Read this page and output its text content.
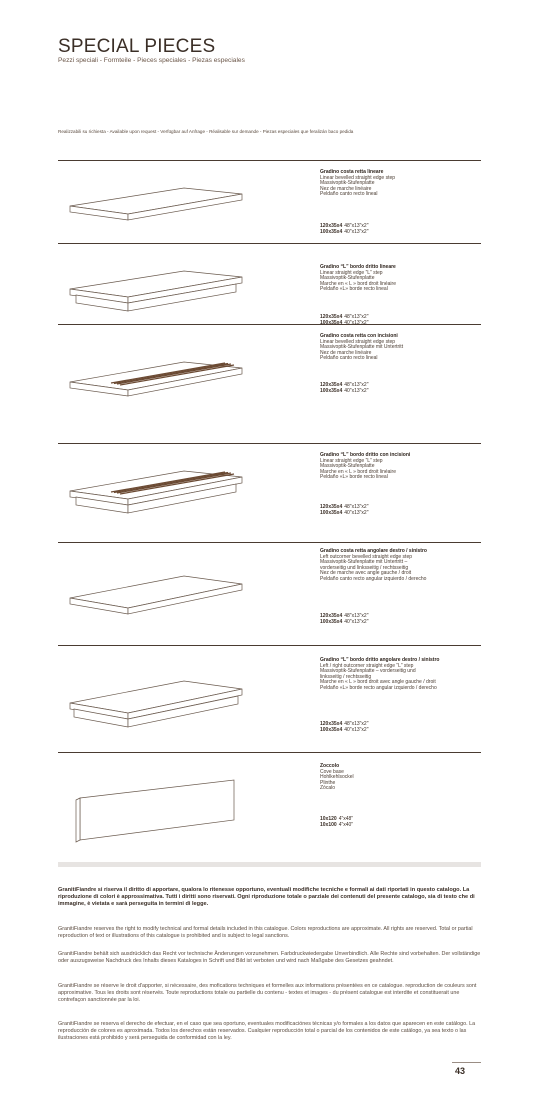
SPECIAL PIECES
Pezzi speciali - Formteile - Pieces speciales - Piezas especiales
Realizzabili su richiesta - Available upon request - Verfügbar auf Anfrage - Réalisable sur demande - Piezas especiales que feralizán baco pedida
Gradino costa retta lineare
Linear bevelled straight edge step
Massivoptik-Stufenplatte
Nez de marche linéaire
Peldaño canto recto lineal
120x35x4 48"x13"x2"
100x35x4 40"x13"x2"
Gradino “L” bordo dritto lineare
Linear straight edge “L” step
Massivoptik-Stufenplatte
Marche en « L » bord droit linéaire
Peldaño «L» borde recto lineal
120x35x4 48"x13"x2"
100x35x4 40"x13"x2"
Gradino costa retta con incisioni
Linear bevelled straight edge step
Massivoptik-Stufenplatte mit Untertritt
Nez de marche linéaire
Peldaño canto recto lineal
120x35x4 48"x13"x2"
100x35x4 40"x13"x2"
Gradino “L” bordo dritto con incisioni
Linear straight edge “L” step
Massivoptik-Stufenplatte
Marche en « L » bord droit linéaire
Peldaño «L» borde recto lineal
120x35x4 48"x13"x2"
100x35x4 40"x13"x2"
Gradino costa retta angolare destro / sinistro
Left outcorner bevelled straight edge step
Massivoptik-Stufenplatte mit Untertritt –
vorderseitig und linksseitig / rechtsseitig
Nez de marche avec angle gauche / droit
Peldaño canto recto angular izquierdo / derecho
120x35x4 48"x13"x2"
100x35x4 40"x13"x2"
Gradino “L” bordo dritto angolare destro / sinistro
Left / right outcorner straight edge “L” step
Massivoptik-Stufenplatte – vorderseitig und
linksseitig / rechtsseitig
Marche en « L » bord droit avec angle gauche / droit
Peldaño «L» borde recto angular izquierdo / derecho
120x35x4 48"x13"x2"
100x35x4 40"x13"x2"
Zoccolo
Cove base
Hohlkehlsockel
Plinthe
Zócalo
10x120 4"x48"
10x100 4"x40"
GranitiFiandre si riserva il diritto di apportare, qualora lo ritenesse opportuno, eventuali modifiche tecniche e formali ai dati riportati in questo catalogo. La riproduzione di colori è approssimativa. Tutti i diritti sono riservati. Ogni riproduzione totale o parziale dei contenuti del presente catalogo, sia di testo che di immagine, è vietata e sarà perseguita in termini di legge.
GranitiFiandre reserves the right to modify technical and formal details included in this catalogue. Colors reproductions are approximate. All rights are reserved. Total or partial reproduction of text or illustrations of this catalogue is prohibited and is subject to legal sanctions.
GranitiFiandre behält sich ausdrücklich das Recht vor technische Änderungen vorzunehmen. Farbdruckwiedergabe Unverbindlich. Alle Rechte sind vorbehalten. Der vollständige oder auszugsweise Nachdruck des Inhalts dieses Kataloges in Schrift und Bild ist verboten und wird nach Maßgabe des Gesetzes geahndet.
GranitiFiandre se réserve le droit d'apporter, si nécessaire, des mofications techniques et formelles aux informations présentées en ce catalogue. reproduction de couleurs sont approximative. Tous les droits sont réservés. Toute reproductions totale ou partielle du contenu - textes et images - du présent catalogue est interdite et constituerait une contrefaçon sanctionnée par la loi.
GranitiFiandre se reserva el derecho de efectuar, en el caso que sea oportuno, eventuales modificaciónes técnicas y/o formales a los datos que aparecen en este catálogo. La reproducción de colores es aproximada. Todos los derechos están reservados. Cualquier reproducción total o parcial de los contenidos de este catálogo, ya sea texto o las ilustraciones está prohibido y será perseguida de conformidad con la ley.
43
